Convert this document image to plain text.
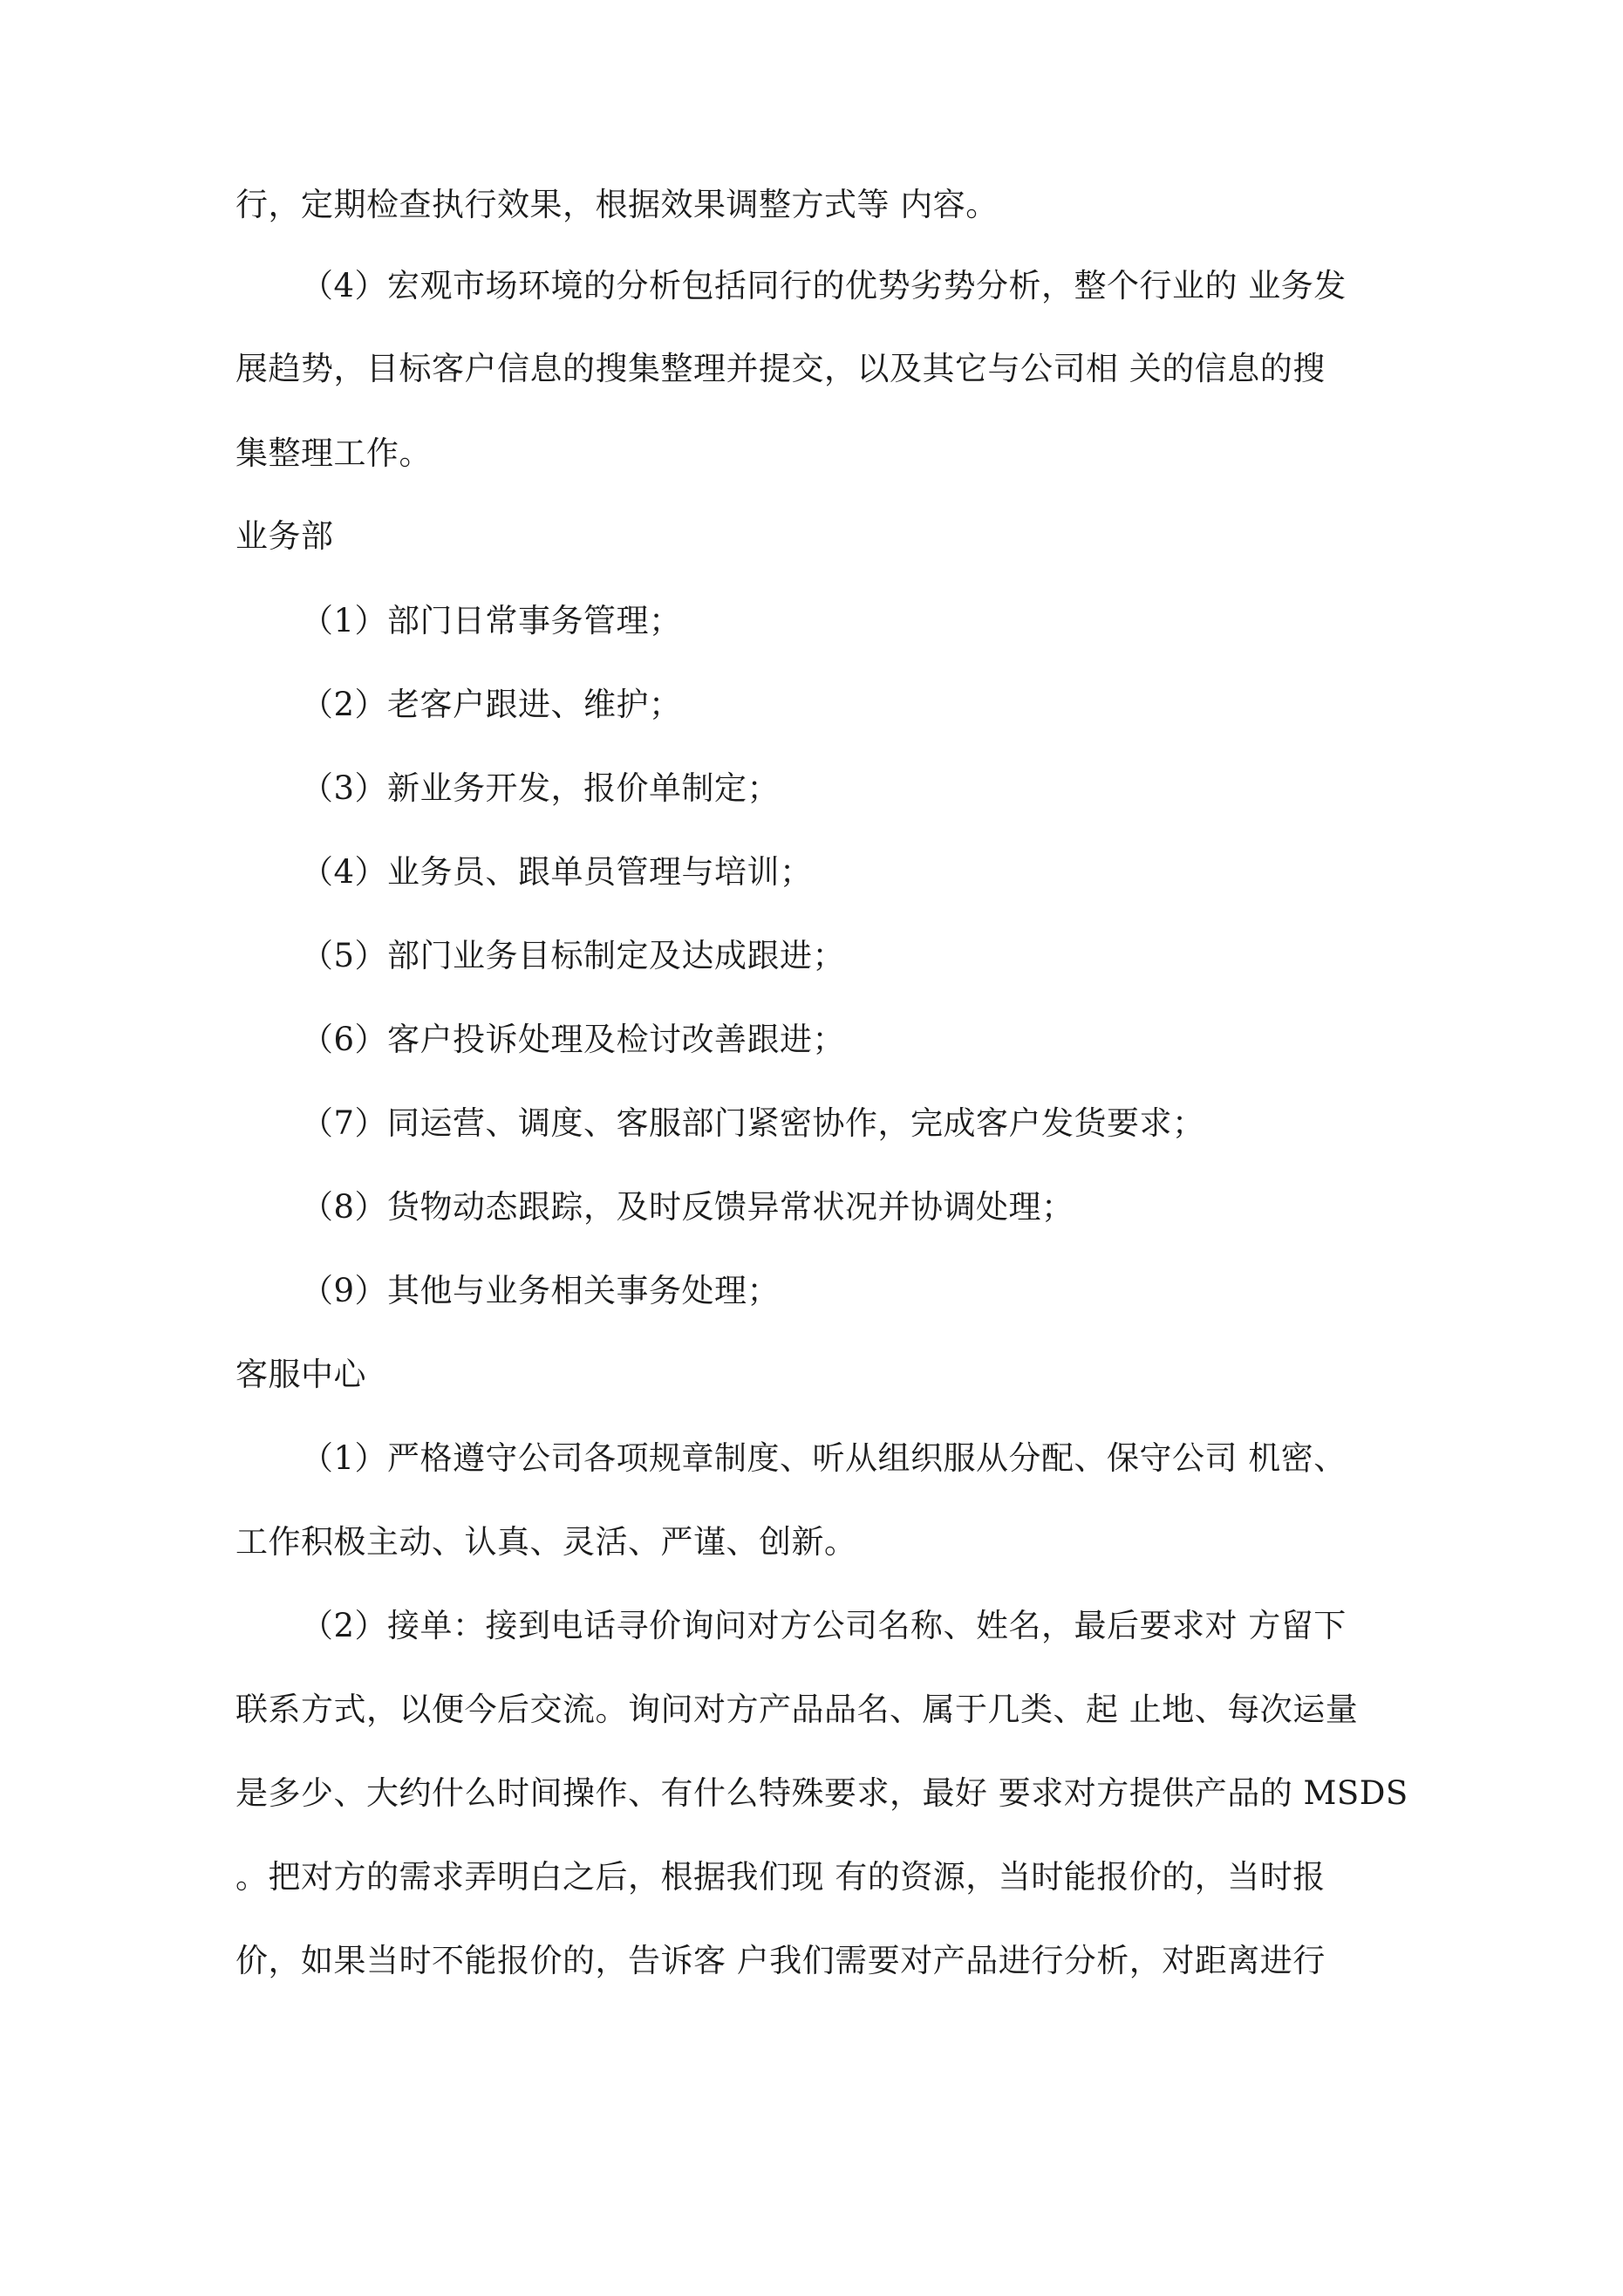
行，定期检查执行效果，根据效果调整方式等 内容。
（4）宏观市场环境的分析包括同行的优势劣势分析，整个行业的 业务发
展趋势，目标客户信息的搜集整理并提交，以及其它与公司相 关的信息的搜
集整理工作。
业务部
（1）部门日常事务管理；
（2）老客户跟进、维护；
（3）新业务开发，报价单制定；
（4）业务员、跟单员管理与培训；
（5）部门业务目标制定及达成跟进；
（6）客户投诉处理及检讨改善跟进；
（7）同运营、调度、客服部门紧密协作，完成客户发货要求；
（8）货物动态跟踪，及时反馈异常状况并协调处理；
（9）其他与业务相关事务处理；
客服中心
（1）严格遵守公司各项规章制度、听从组织服从分配、保守公司 机密、
工作积极主动、认真、灵活、严谨、创新。
（2）接单：接到电话寻价询问对方公司名称、姓名，最后要求对 方留下
联系方式，以便今后交流。询问对方产品品名、属于几类、起 止地、每次运量
是多少、大约什么时间操作、有什么特殊要求，最好 要求对方提供产品的 MSDS
。把对方的需求弄明白之后，根据我们现 有的资源，当时能报价的，当时报
价，如果当时不能报价的，告诉客 户我们需要对产品进行分析，对距离进行
